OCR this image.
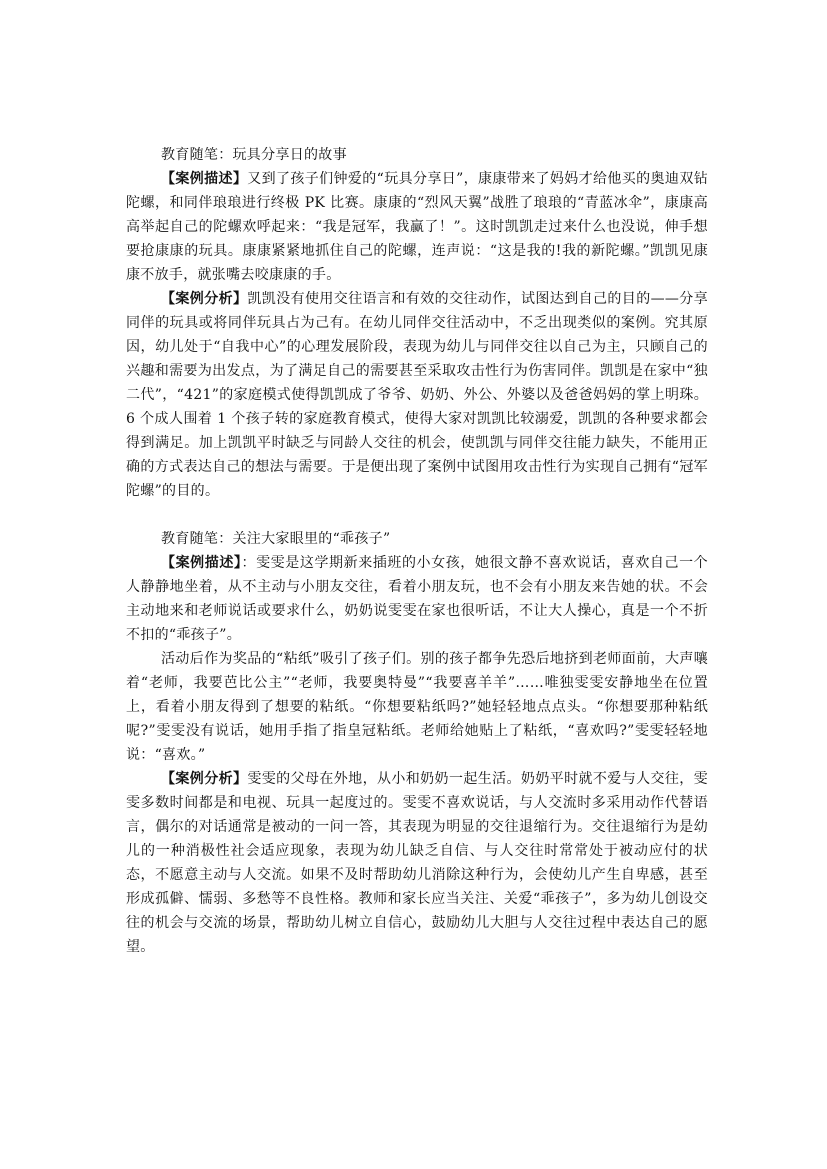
教育随笔：玩具分享日的故事

【案例描述】又到了孩子们钟爱的“玩具分享日”，康康带来了妈妈才给他买的奥迪双钻陀螺，和同伴琅琅进行终极 PK 比赛。康康的“烈风天翼”战胜了琅琅的“青蓝冰伞”，康康高高举起自己的陀螺欢呼起来：“我是冠军，我赢了！”。这时凯凯走过来什么也没说，伸手想要抢康康的玩具。康康紧紧地抓住自己的陀螺，连声说：“这是我的!我的新陀螺。”凯凯见康康不放手，就张嘴去咬康康的手。

【案例分析】凯凯没有使用交往语言和有效的交往动作，试图达到自己的目的——分享同伴的玩具或将同伴玩具占为己有。在幼儿同伴交往活动中，不乏出现类似的案例。究其原因，幼儿处于“自我中心”的心理发展阶段，表现为幼儿与同伴交往以自己为主，只顾自己的兴趣和需要为出发点，为了满足自己的需要甚至采取攻击性行为伤害同伴。凯凯是在家中“独二代”，“421”的家庭模式使得凯凯成了爷爷、奶奶、外公、外婆以及爸爸妈妈的掌上明珠。6 个成人围着 1 个孩子转的家庭教育模式，使得大家对凯凯比较溺爱，凯凯的各种要求都会得到满足。加上凯凯平时缺乏与同龄人交往的机会，使凯凯与同伴交往能力缺失，不能用正确的方式表达自己的想法与需要。于是便出现了案例中试图用攻击性行为实现自己拥有“冠军陀螺”的目的。

教育随笔：关注大家眼里的“乖孩子”

【案例描述】：雯雯是这学期新来插班的小女孩，她很文静不喜欢说话，喜欢自己一个人静静地坐着，从不主动与小朋友交往，看着小朋友玩，也不会有小朋友来告她的状。不会主动地来和老师说话或要求什么，奶奶说雯雯在家也很听话，不让大人操心，真是一个不折不扣的“乖孩子”。

活动后作为奖品的“粘纸”吸引了孩子们。别的孩子都争先恐后地挤到老师面前，大声嚷着“老师，我要芭比公主”“老师，我要奥特曼”“我要喜羊羊”……唯独雯雯安静地坐在位置上，看着小朋友得到了想要的粘纸。“你想要粘纸吗?”她轻轻地点点头。“你想要那种粘纸呢?”雯雯没有说话，她用手指了指皇冠粘纸。老师给她贴上了粘纸，“喜欢吗?”雯雯轻轻地说：“喜欢。”

【案例分析】雯雯的父母在外地，从小和奶奶一起生活。奶奶平时就不爱与人交往，雯雯多数时间都是和电视、玩具一起度过的。雯雯不喜欢说话，与人交流时多采用动作代替语言，偶尔的对话通常是被动的一问一答，其表现为明显的交往退缩行为。交往退缩行为是幼儿的一种消极性社会适应现象，表现为幼儿缺乏自信、与人交往时常常处于被动应付的状态，不愿意主动与人交流。如果不及时帮助幼儿消除这种行为，会使幼儿产生自卑感，甚至形成孤僻、懦弱、多愁等不良性格。教师和家长应当关注、关爱“乖孩子”，多为幼儿创设交往的机会与交流的场景，帮助幼儿树立自信心，鼓励幼儿大胆与人交往过程中表达自己的愿望。
